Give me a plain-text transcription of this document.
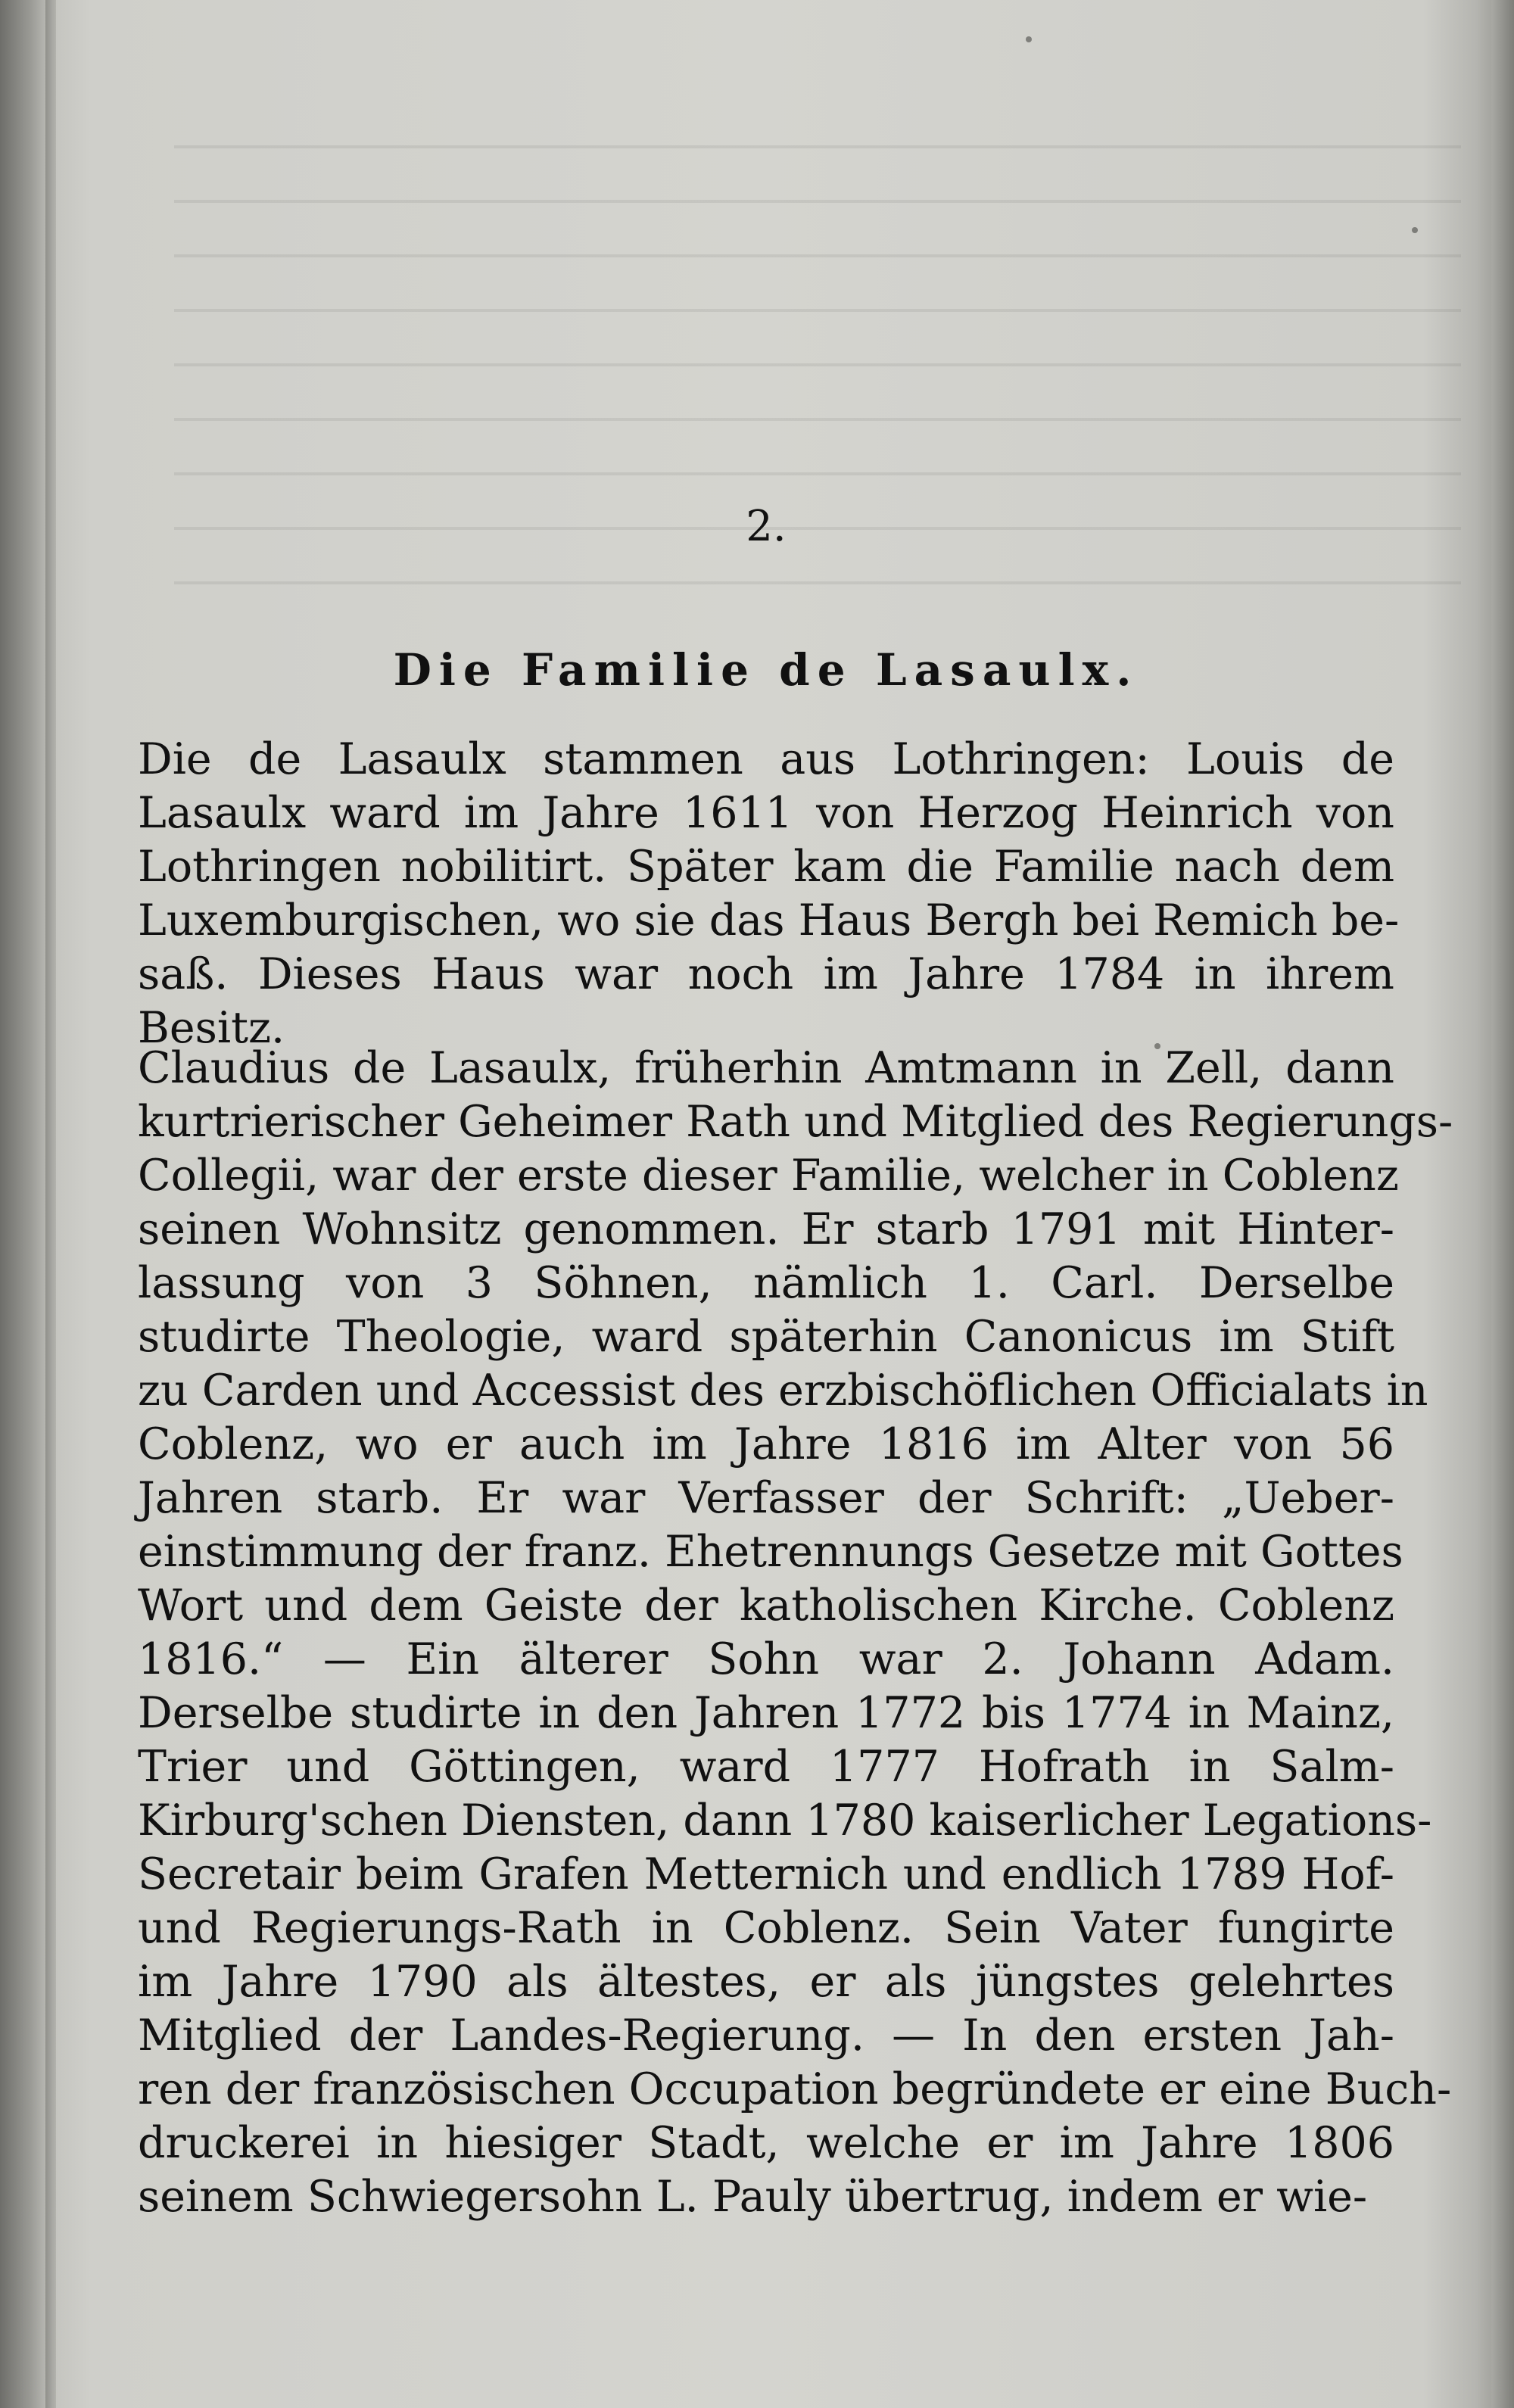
2.
Die Familie de Lasaulx.
Die de Lasaulx stammen aus Lothringen: Louis de
Lasaulx ward im Jahre 1611 von Herzog Heinrich von
Lothringen nobilitirt. Später kam die Familie nach dem
Luxemburgischen, wo sie das Haus Bergh bei Remich be-
saß. Dieses Haus war noch im Jahre 1784 in ihrem
Besitz.
Claudius de Lasaulx, früherhin Amtmann in Zell, dann
kurtrierischer Geheimer Rath und Mitglied des Regierungs-
Collegii, war der erste dieser Familie, welcher in Coblenz
seinen Wohnsitz genommen. Er starb 1791 mit Hinter-
lassung von 3 Söhnen, nämlich 1. Carl. Derselbe
studirte Theologie, ward späterhin Canonicus im Stift
zu Carden und Accessist des erzbischöflichen Officialats in
Coblenz, wo er auch im Jahre 1816 im Alter von 56
Jahren starb. Er war Verfasser der Schrift: „Ueber-
einstimmung der franz. Ehetrennungs Gesetze mit Gottes
Wort und dem Geiste der katholischen Kirche. Coblenz
1816.“ — Ein älterer Sohn war 2. Johann Adam.
Derselbe studirte in den Jahren 1772 bis 1774 in Mainz,
Trier und Göttingen, ward 1777 Hofrath in Salm-
Kirburg'schen Diensten, dann 1780 kaiserlicher Legations-
Secretair beim Grafen Metternich und endlich 1789 Hof-
und Regierungs-Rath in Coblenz. Sein Vater fungirte
im Jahre 1790 als ältestes, er als jüngstes gelehrtes
Mitglied der Landes-Regierung. — In den ersten Jah-
ren der französischen Occupation begründete er eine Buch-
druckerei in hiesiger Stadt, welche er im Jahre 1806
seinem Schwiegersohn L. Pauly übertrug, indem er wie-
